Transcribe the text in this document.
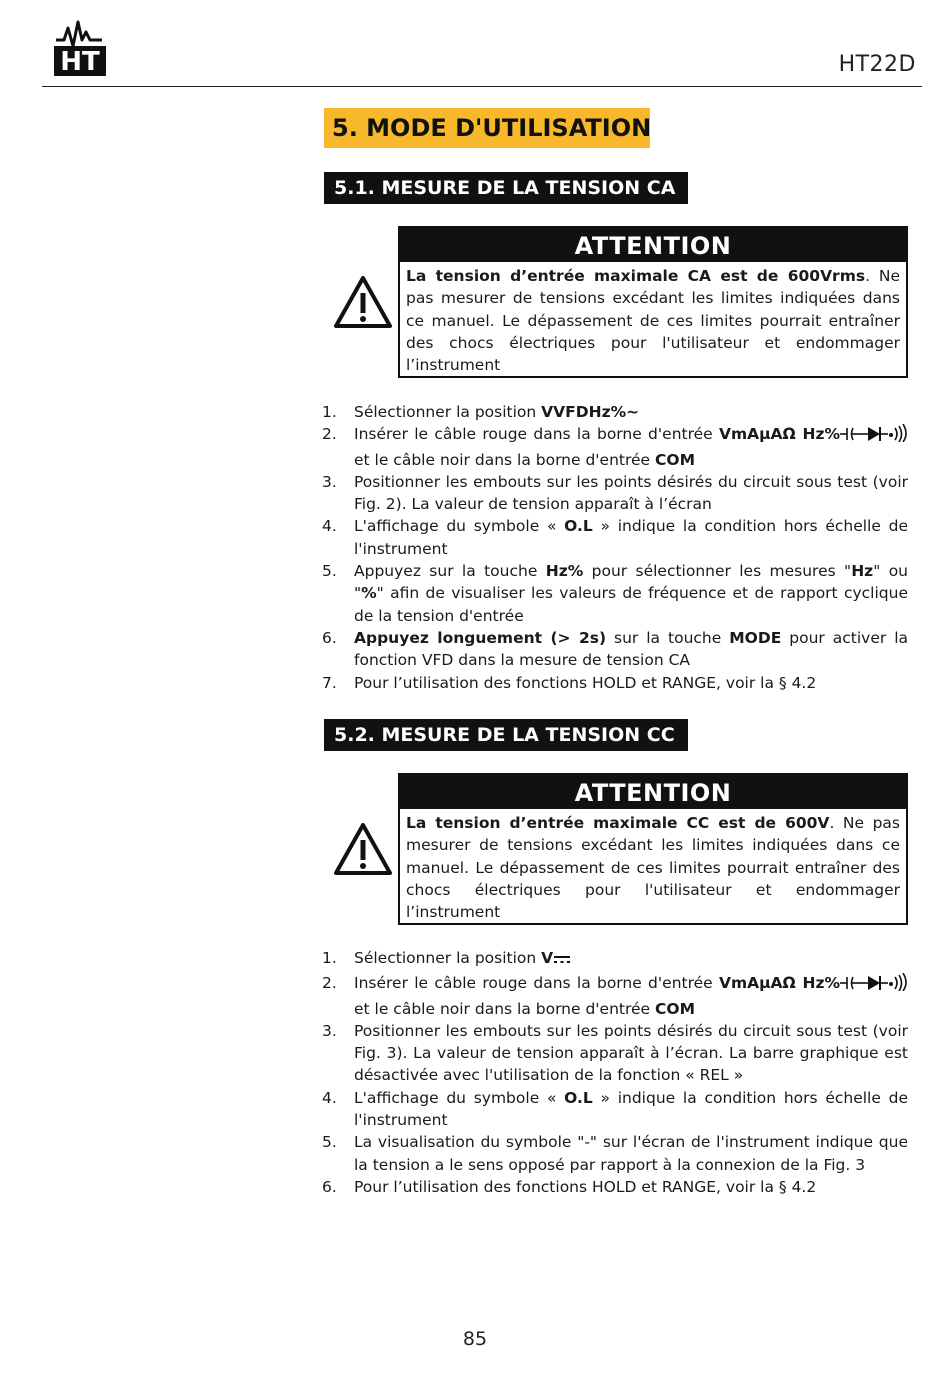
HT	HT22D
5. MODE D'UTILISATION
5.1. MESURE DE LA TENSION CA
ATTENTION
La tension d’entrée maximale CA est de 600Vrms. Ne pas mesurer de tensions excédant les limites indiquées dans ce manuel. Le dépassement de ces limites pourrait entraîner des chocs électriques pour l'utilisateur et endommager l’instrument
1. Sélectionner la position VVFDHz%~
2. Insérer le câble rouge dans la borne d'entrée VmAµAΩ Hz% et le câble noir dans la borne d'entrée COM
3. Positionner les embouts sur les points désirés du circuit sous test (voir Fig. 2). La valeur de tension apparaît à l’écran
4. L'affichage du symbole « O.L » indique la condition hors échelle de l'instrument
5. Appuyez sur la touche Hz% pour sélectionner les mesures "Hz" ou "%" afin de visualiser les valeurs de fréquence et de rapport cyclique de la tension d'entrée
6. Appuyez longuement (> 2s) sur la touche MODE pour activer la fonction VFD dans la mesure de tension CA
7. Pour l’utilisation des fonctions HOLD et RANGE, voir la § 4.2
5.2. MESURE DE LA TENSION CC
ATTENTION
La tension d’entrée maximale CC est de 600V. Ne pas mesurer de tensions excédant les limites indiquées dans ce manuel. Le dépassement de ces limites pourrait entraîner des chocs électriques pour l'utilisateur et endommager l’instrument
1. Sélectionner la position V
2. Insérer le câble rouge dans la borne d'entrée VmAµAΩ Hz% et le câble noir dans la borne d'entrée COM
3. Positionner les embouts sur les points désirés du circuit sous test (voir Fig. 3). La valeur de tension apparaît à l’écran. La barre graphique est désactivée avec l'utilisation de la fonction « REL »
4. L'affichage du symbole « O.L » indique la condition hors échelle de l'instrument
5. La visualisation du symbole "-" sur l'écran de l'instrument indique que la tension a le sens opposé par rapport à la connexion de la Fig. 3
6. Pour l’utilisation des fonctions HOLD et RANGE, voir la § 4.2
85
